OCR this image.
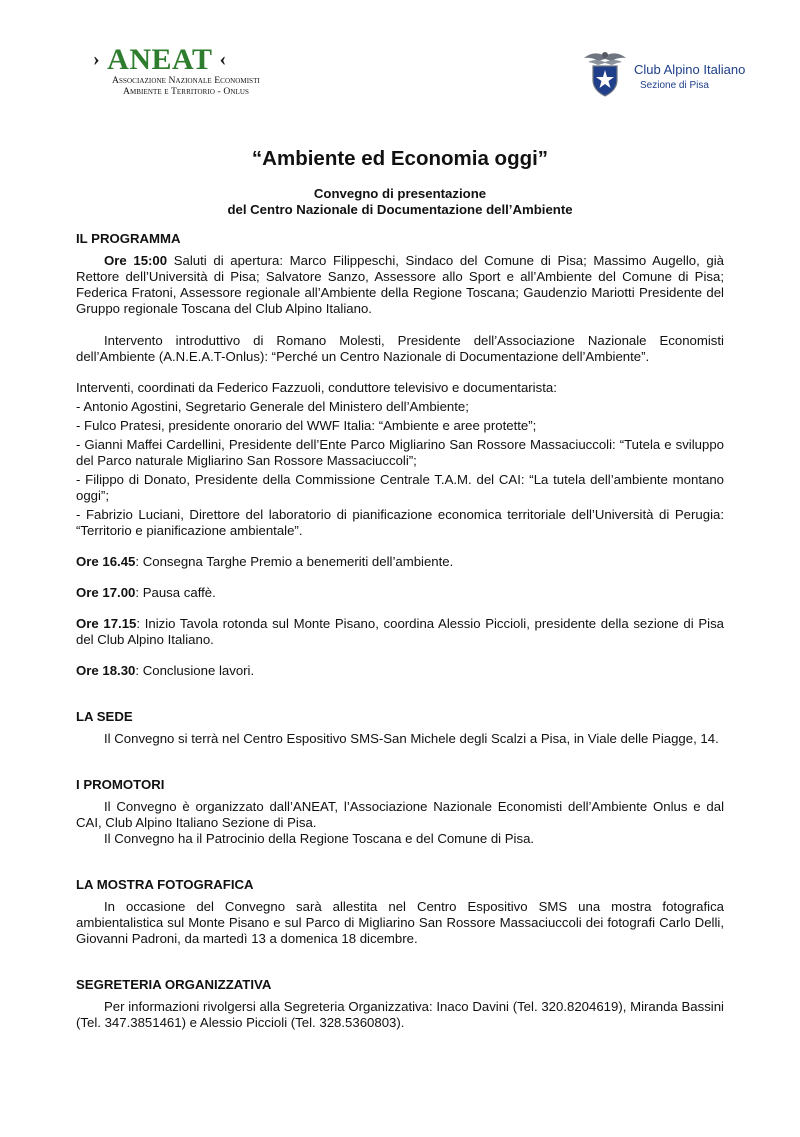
› ANEAT ‹
Associazione Nazionale Economisti
Ambiente e Territorio - Onlus
Club Alpino Italiano
Sezione di Pisa
“Ambiente ed Economia oggi”
Convegno di presentazione
del Centro Nazionale di Documentazione dell’Ambiente

IL PROGRAMMA

Ore 15:00 Saluti di apertura: Marco Filippeschi, Sindaco del Comune di Pisa; Massimo Augello, già Rettore dell’Università di Pisa; Salvatore Sanzo, Assessore allo Sport e all’Ambiente del Comune di Pisa; Federica Fratoni, Assessore regionale all’Ambiente della Regione Toscana; Gaudenzio Mariotti Presidente del Gruppo regionale Toscana del Club Alpino Italiano.

Intervento introduttivo di Romano Molesti, Presidente dell’Associazione Nazionale Economisti dell’Ambiente (A.N.E.A.T-Onlus): “Perché un Centro Nazionale di Documentazione dell’Ambiente”.

Interventi, coordinati da Federico Fazzuoli, conduttore televisivo e documentarista:

- Antonio Agostini, Segretario Generale del Ministero dell’Ambiente;

- Fulco Pratesi, presidente onorario del WWF Italia: “Ambiente e aree protette”;

- Gianni Maffei Cardellini, Presidente dell’Ente Parco Migliarino San Rossore Massaciuccoli: “Tutela e sviluppo del Parco naturale Migliarino San Rossore Massaciuccoli”;

- Filippo di Donato, Presidente della Commissione Centrale T.A.M. del CAI: “La tutela dell’ambiente montano oggi”;

- Fabrizio Luciani, Direttore del laboratorio di pianificazione economica territoriale dell’Università di Perugia: “Territorio e pianificazione ambientale”.

Ore 16.45: Consegna Targhe Premio a benemeriti dell’ambiente.

Ore 17.00: Pausa caffè.

Ore 17.15: Inizio Tavola rotonda sul Monte Pisano, coordina Alessio Piccioli, presidente della sezione di Pisa del Club Alpino Italiano.

Ore 18.30: Conclusione lavori.

LA SEDE

Il Convegno si terrà nel Centro Espositivo SMS-San Michele degli Scalzi a Pisa, in Viale delle Piagge, 14.

I PROMOTORI

Il Convegno è organizzato dall’ANEAT, l’Associazione Nazionale Economisti dell’Ambiente Onlus e dal CAI, Club Alpino Italiano Sezione di Pisa.

Il Convegno ha il Patrocinio della Regione Toscana e del Comune di Pisa.

LA MOSTRA FOTOGRAFICA

In occasione del Convegno sarà allestita nel Centro Espositivo SMS una mostra fotografica ambientalistica sul Monte Pisano e sul Parco di Migliarino San Rossore Massaciuccoli dei fotografi Carlo Delli, Giovanni Padroni, da martedì 13 a domenica 18 dicembre.

SEGRETERIA ORGANIZZATIVA

Per informazioni rivolgersi alla Segreteria Organizzativa: Inaco Davini (Tel. 320.8204619), Miranda Bassini (Tel. 347.3851461) e Alessio Piccioli (Tel. 328.5360803).
